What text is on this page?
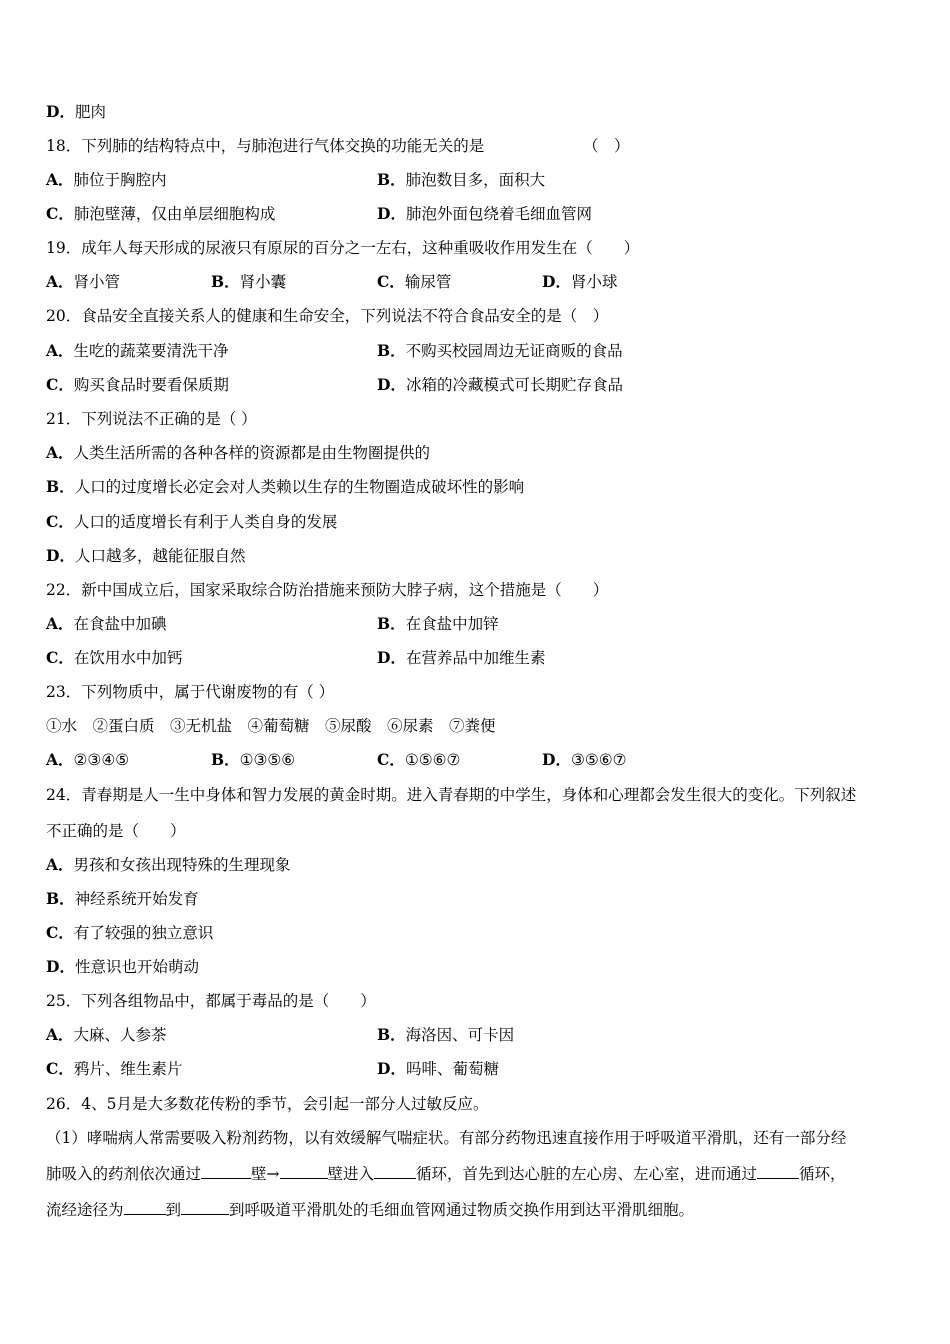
D．肥肉
18．下列肺的结构特点中，与肺泡进行气体交换的功能无关的是	（　）
A．肺位于胸腔内	B．肺泡数目多，面积大
C．肺泡壁薄，仅由单层细胞构成	D．肺泡外面包绕着毛细血管网
19．成年人每天形成的尿液只有原尿的百分之一左右，这种重吸收作用发生在（　　）
A．肾小管	B．肾小囊	C．输尿管	D．肾小球
20．食品安全直接关系人的健康和生命安全，下列说法不符合食品安全的是（　）
A．生吃的蔬菜要清洗干净	B．不购买校园周边无证商贩的食品
C．购买食品时要看保质期	D．冰箱的冷藏模式可长期贮存食品
21．下列说法不正确的是（ ）
A．人类生活所需的各种各样的资源都是由生物圈提供的
B．人口的过度增长必定会对人类赖以生存的生物圈造成破坏性的影响
C．人口的适度增长有利于人类自身的发展
D．人口越多，越能征服自然
22．新中国成立后，国家采取综合防治措施来预防大脖子病，这个措施是（　　）
A．在食盐中加碘	B．在食盐中加锌
C．在饮用水中加钙	D．在营养品中加维生素
23．下列物质中，属于代谢废物的有（ ）
①水　②蛋白质　③无机盐　④葡萄糖　⑤尿酸　⑥尿素　⑦粪便
A．②③④⑤	B．①③⑤⑥	C．①⑤⑥⑦	D．③⑤⑥⑦
24．青春期是人一生中身体和智力发展的黄金时期。进入青春期的中学生，身体和心理都会发生很大的变化。下列叙述
不正确的是（　　）
A．男孩和女孩出现特殊的生理现象
B．神经系统开始发育
C．有了较强的独立意识
D．性意识也开始萌动
25．下列各组物品中，都属于毒品的是（　　）
A．大麻、人参茶	B．海洛因、可卡因
C．鸦片、维生素片	D．吗啡、葡萄糖
26．4、5月是大多数花传粉的季节，会引起一部分人过敏反应。
（1）哮喘病人常需要吸入粉剂药物，以有效缓解气喘症状。有部分药物迅速直接作用于呼吸道平滑肌，还有一部分经
肺吸入的药剂依次通过	壁→	壁进入	循环，首先到达心脏的左心房、左心室，进而通过	循环，
流经途径为	到	到呼吸道平滑肌处的毛细血管网通过物质交换作用到达平滑肌细胞。
